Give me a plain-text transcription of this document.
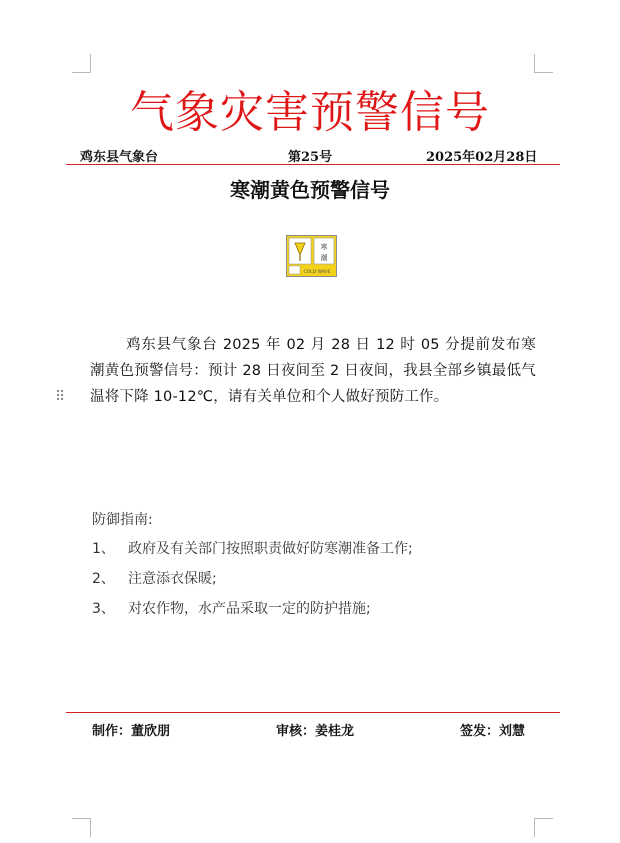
气象灾害预警信号
鸡东县气象台	第25号	2025年02月28日
寒潮黄色预警信号
寒
潮
COLD WAVE
⠿

鸡东县气象台 2025 年 02 月 28 日 12 时 05 分提前发布寒潮黄色预警信号：预计 28 日夜间至 2 日夜间，我县全部乡镇最低气温将下降 10-12℃，请有关单位和个人做好预防工作。

防御指南:
1、 政府及有关部门按照职责做好防寒潮准备工作;
2、 注意添衣保暖;
3、 对农作物，水产品采取一定的防护措施;
制作：董欣朋	审核：姜桂龙	签发：刘慧
